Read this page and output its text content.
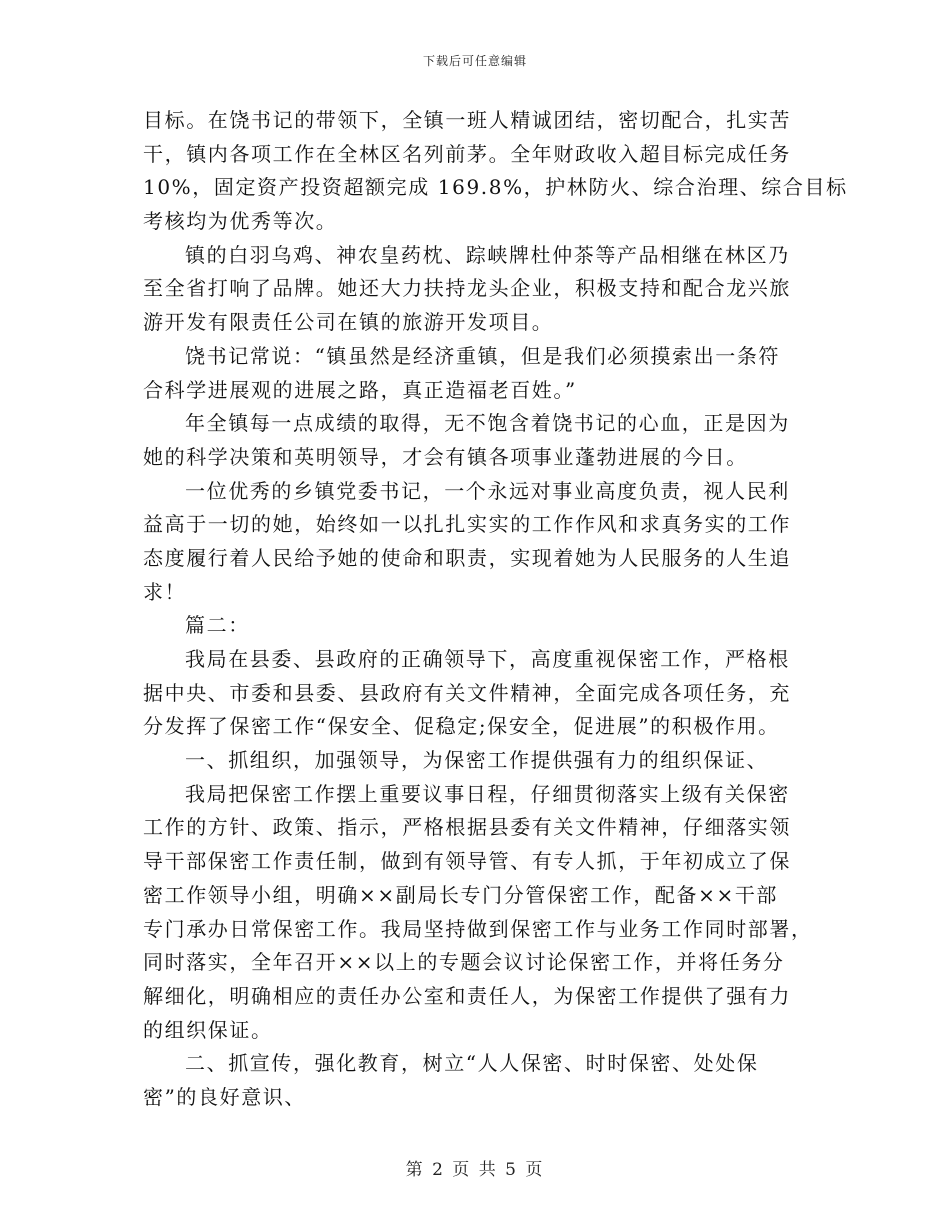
下载后可任意编辑
目标。在饶书记的带领下，全镇一班人精诚团结，密切配合，扎实苦
干，镇内各项工作在全林区名列前茅。全年财政收入超目标完成任务
10%，固定资产投资超额完成 169.8%，护林防火、综合治理、综合目标
考核均为优秀等次。
镇的白羽乌鸡、神农皇药枕、踪峡牌杜仲茶等产品相继在林区乃
至全省打响了品牌。她还大力扶持龙头企业，积极支持和配合龙兴旅
游开发有限责任公司在镇的旅游开发项目。
饶书记常说：“镇虽然是经济重镇，但是我们必须摸索出一条符
合科学进展观的进展之路，真正造福老百姓。”
年全镇每一点成绩的取得，无不饱含着饶书记的心血，正是因为
她的科学决策和英明领导，才会有镇各项事业蓬勃进展的今日。
一位优秀的乡镇党委书记，一个永远对事业高度负责，视人民利
益高于一切的她，始终如一以扎扎实实的工作作风和求真务实的工作
态度履行着人民给予她的使命和职责，实现着她为人民服务的人生追
求！
篇二：
我局在县委、县政府的正确领导下，高度重视保密工作，严格根
据中央、市委和县委、县政府有关文件精神，全面完成各项任务，充
分发挥了保密工作“保安全、促稳定;保安全，促进展”的积极作用。
一、抓组织，加强领导，为保密工作提供强有力的组织保证、
我局把保密工作摆上重要议事日程，仔细贯彻落实上级有关保密
工作的方针、政策、指示，严格根据县委有关文件精神，仔细落实领
导干部保密工作责任制，做到有领导管、有专人抓，于年初成立了保
密工作领导小组，明确××副局长专门分管保密工作，配备××干部
专门承办日常保密工作。我局坚持做到保密工作与业务工作同时部署，
同时落实，全年召开××以上的专题会议讨论保密工作，并将任务分
解细化，明确相应的责任办公室和责任人，为保密工作提供了强有力
的组织保证。
二、抓宣传，强化教育，树立“人人保密、时时保密、处处保
密”的良好意识、
第 2 页 共 5 页
